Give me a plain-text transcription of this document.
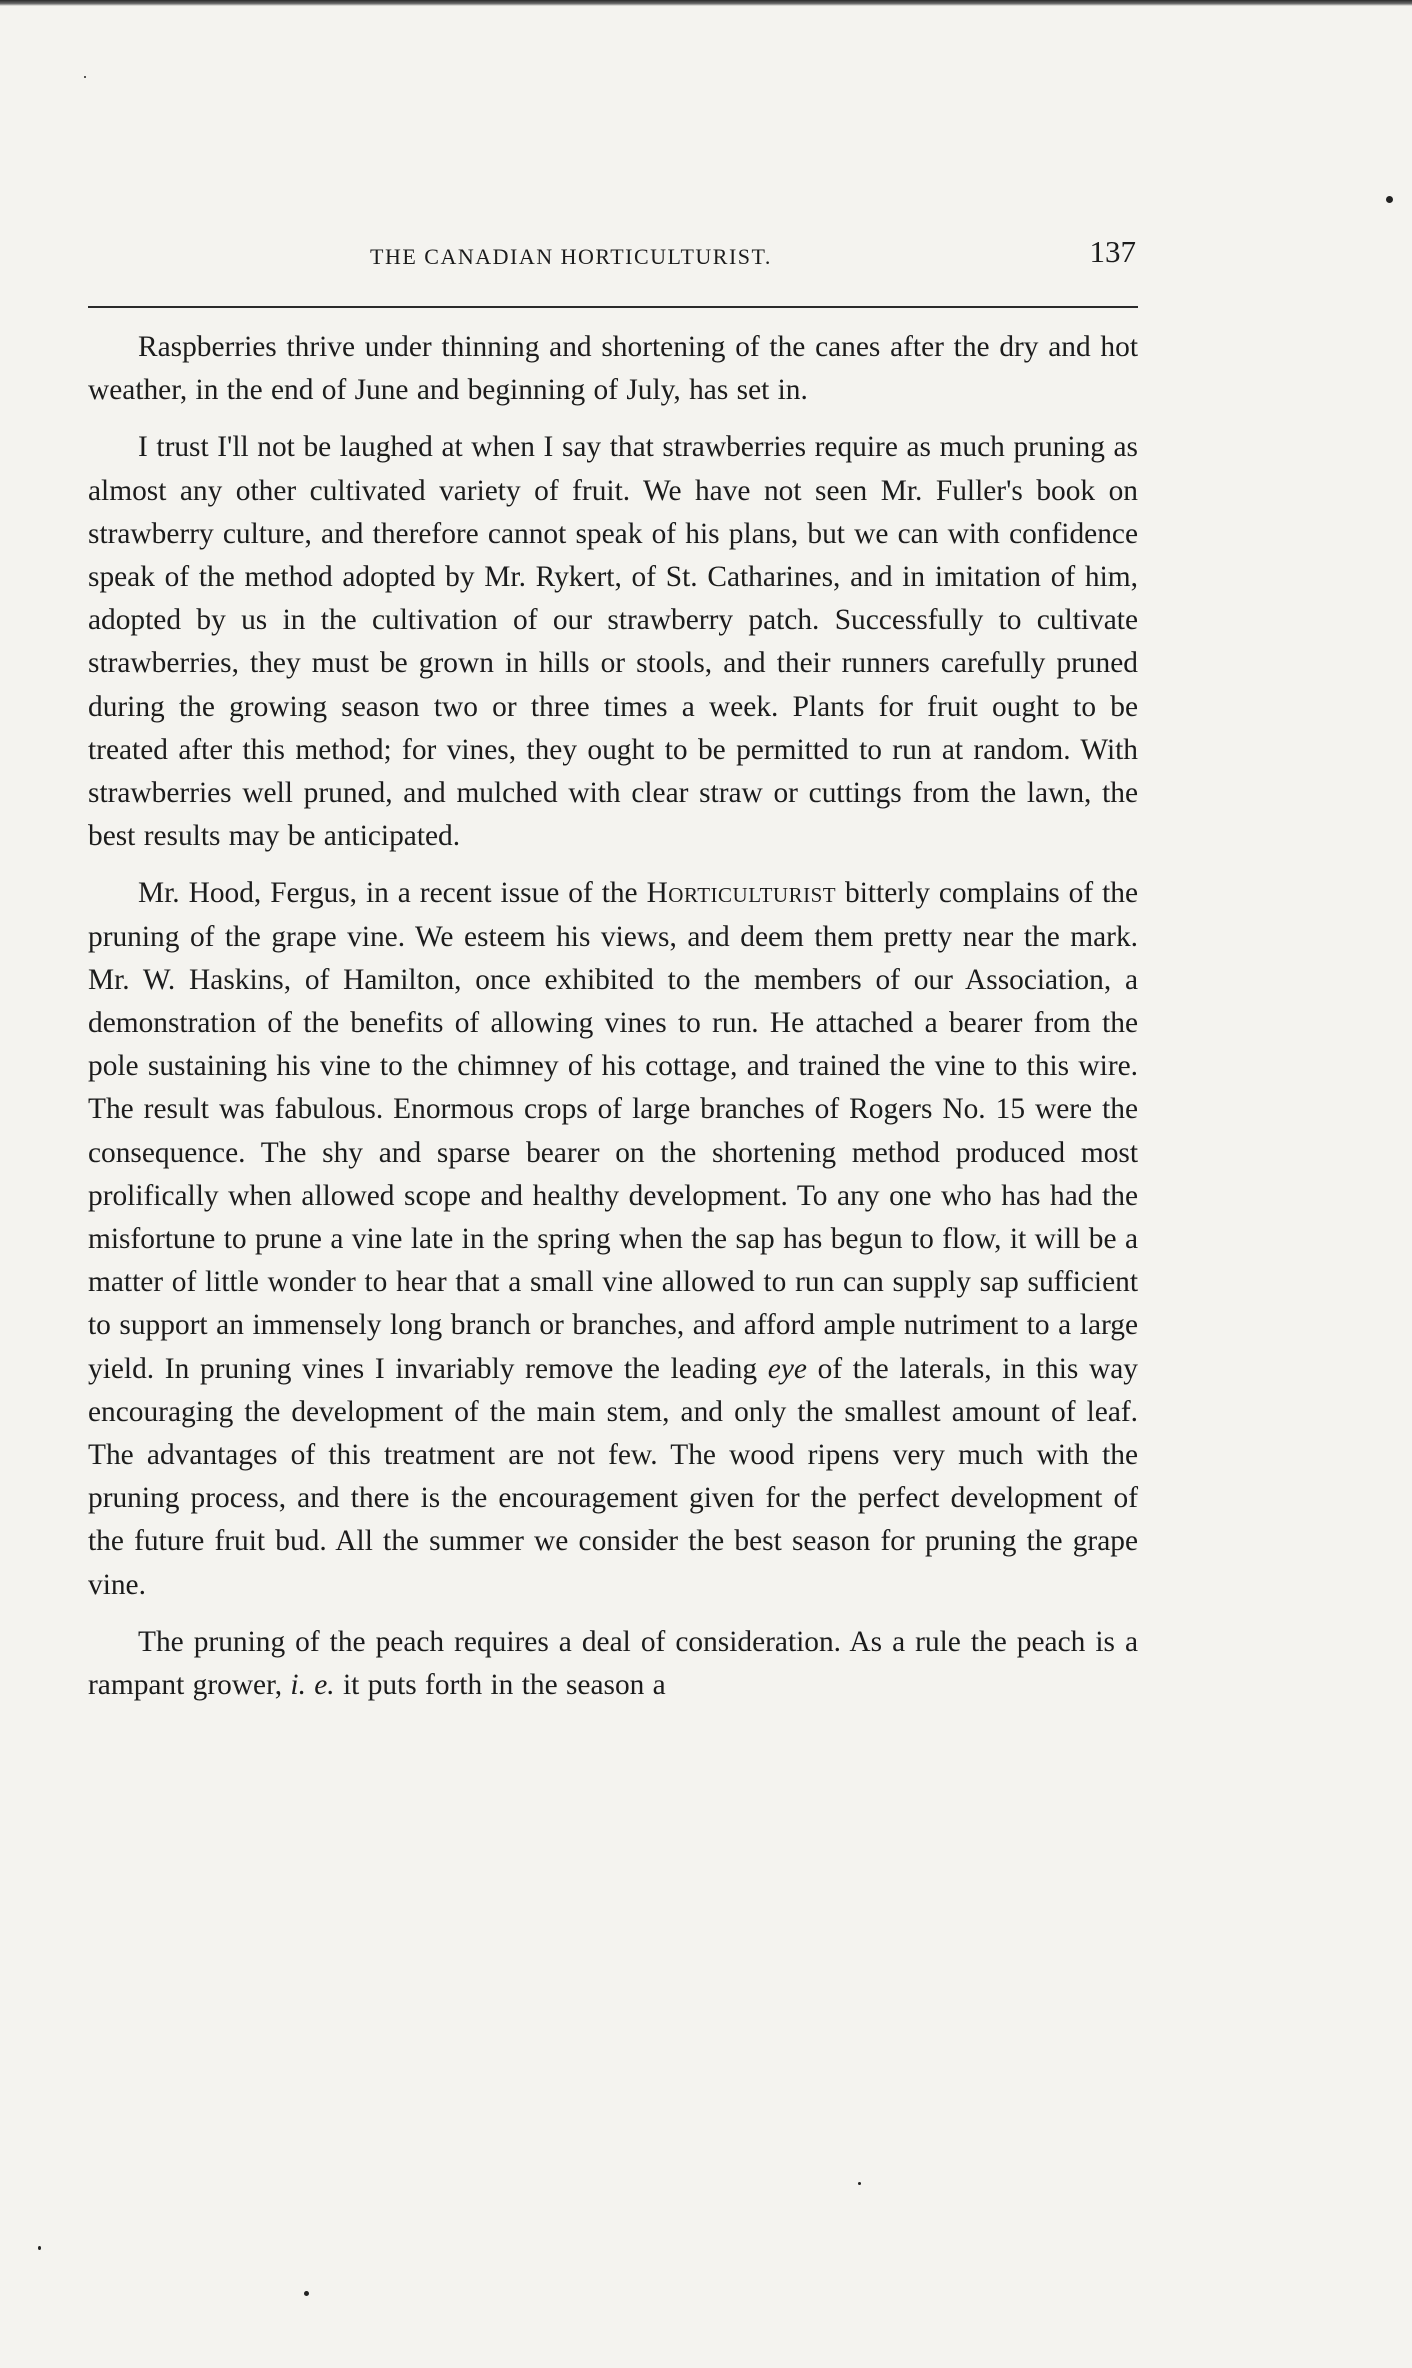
THE CANADIAN HORTICULTURIST.	137

Raspberries thrive under thinning and shortening of the canes after the dry and hot weather, in the end of June and beginning of July, has set in.

I trust I'll not be laughed at when I say that strawberries require as much pruning as almost any other cultivated variety of fruit. We have not seen Mr. Fuller's book on strawberry culture, and therefore cannot speak of his plans, but we can with confidence speak of the method adopted by Mr. Rykert, of St. Catharines, and in imitation of him, adopted by us in the cultivation of our strawberry patch. Successfully to cultivate strawberries, they must be grown in hills or stools, and their runners carefully pruned during the growing season two or three times a week. Plants for fruit ought to be treated after this method; for vines, they ought to be permitted to run at random. With strawberries well pruned, and mulched with clear straw or cuttings from the lawn, the best results may be anticipated.

Mr. Hood, Fergus, in a recent issue of the Horticulturist bitterly complains of the pruning of the grape vine. We esteem his views, and deem them pretty near the mark. Mr. W. Haskins, of Hamilton, once exhibited to the members of our Association, a demonstration of the benefits of allowing vines to run. He attached a bearer from the pole sustaining his vine to the chimney of his cottage, and trained the vine to this wire. The result was fabulous. Enormous crops of large branches of Rogers No. 15 were the consequence. The shy and sparse bearer on the shortening method produced most prolifically when allowed scope and healthy development. To any one who has had the misfortune to prune a vine late in the spring when the sap has begun to flow, it will be a matter of little wonder to hear that a small vine allowed to run can supply sap sufficient to support an immensely long branch or branches, and afford ample nutriment to a large yield. In pruning vines I invariably remove the leading eye of the laterals, in this way encouraging the development of the main stem, and only the smallest amount of leaf. The advantages of this treatment are not few. The wood ripens very much with the pruning process, and there is the encouragement given for the perfect development of the future fruit bud. All the summer we consider the best season for pruning the grape vine.

The pruning of the peach requires a deal of consideration. As a rule the peach is a rampant grower, i. e. it puts forth in the season a
